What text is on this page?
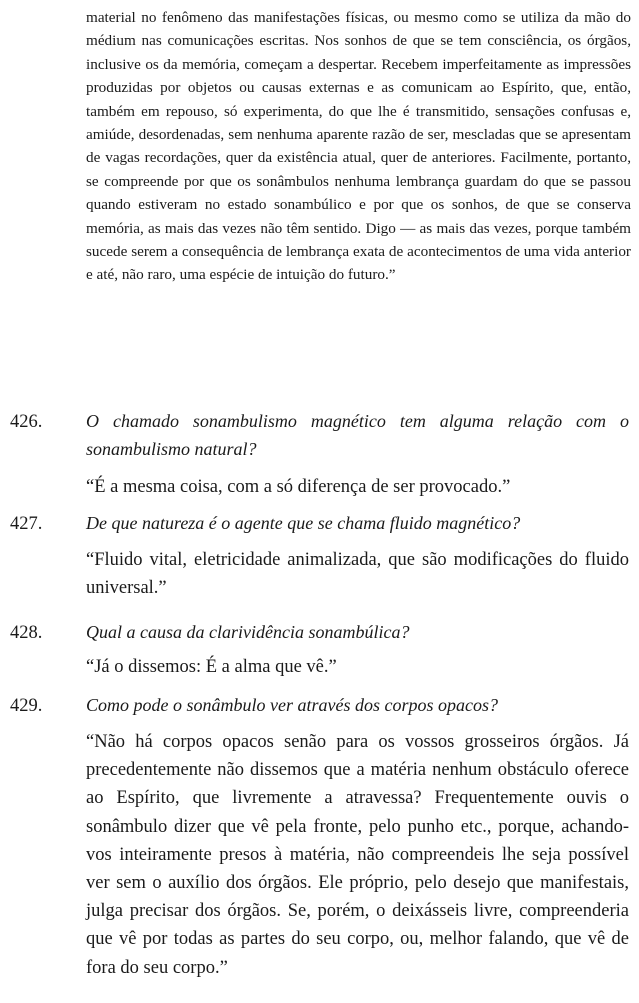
material no fenômeno das manifestações físicas, ou mesmo como se utiliza da mão do médium nas comunicações escritas. Nos sonhos de que se tem consciência, os órgãos, inclusive os da memória, começam a despertar. Recebem imperfeitamente as impressões produzidas por objetos ou causas externas e as comunicam ao Espírito, que, então, também em repouso, só experimenta, do que lhe é transmitido, sensações confusas e, amiúde, desordenadas, sem nenhuma aparente razão de ser, mescladas que se apresentam de vagas recordações, quer da existência atual, quer de anteriores. Facilmente, portanto, se compreende por que os sonâmbulos nenhuma lembrança guardam do que se passou quando estiveram no estado sonambúlico e por que os sonhos, de que se conserva memória, as mais das vezes não têm sentido. Digo — as mais das vezes, porque também sucede serem a consequência de lembrança exata de acontecimentos de uma vida anterior e até, não raro, uma espécie de intuição do futuro.”

426. O chamado sonambulismo magnético tem alguma relação com o sonambulismo natural?

“É a mesma coisa, com a só diferença de ser provocado.”

427. De que natureza é o agente que se chama fluido magnético?

“Fluido vital, eletricidade animalizada, que são modificações do fluido universal.”

428. Qual a causa da clarividência sonambúlica?

“Já o dissemos: É a alma que vê.”

429. Como pode o sonâmbulo ver através dos corpos opacos?

“Não há corpos opacos senão para os vossos grosseiros órgãos. Já precedentemente não dissemos que a matéria nenhum obstáculo oferece ao Espírito, que livremente a atravessa? Frequentemente ouvis o sonâmbulo dizer que vê pela fronte, pelo punho etc., porque, achando-vos inteiramente presos à matéria, não compreendeis lhe seja possível ver sem o auxílio dos órgãos. Ele próprio, pelo desejo que manifestais, julga precisar dos órgãos. Se, porém, o deixásseis livre, compreenderia que vê por todas as partes do seu corpo, ou, melhor falando, que vê de fora do seu corpo.”
